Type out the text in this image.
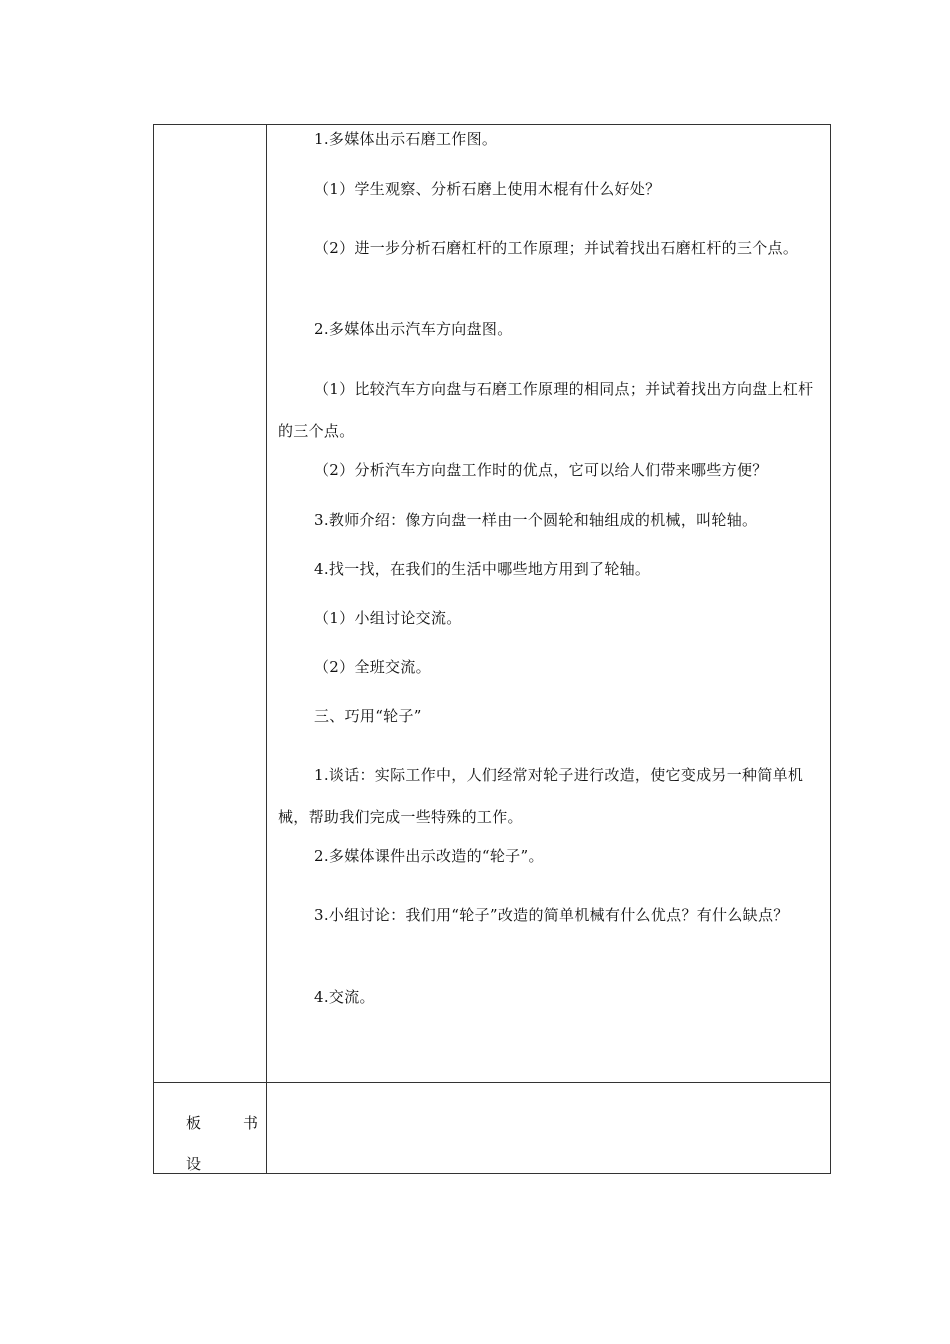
1.多媒体出示石磨工作图。

（1）学生观察、分析石磨上使用木棍有什么好处？

（2）进一步分析石磨杠杆的工作原理；并试着找出石磨杠杆的三个点。

2.多媒体出示汽车方向盘图。

（1）比较汽车方向盘与石磨工作原理的相同点；并试着找出方向盘上杠杆的三个点。

（2）分析汽车方向盘工作时的优点，它可以给人们带来哪些方便？

3.教师介绍：像方向盘一样由一个圆轮和轴组成的机械，叫轮轴。

4.找一找，在我们的生活中哪些地方用到了轮轴。

（1）小组讨论交流。

（2）全班交流。

三、巧用“轮子”

1.谈话：实际工作中，人们经常对轮子进行改造，使它变成另一种简单机械，帮助我们完成一些特殊的工作。

2.多媒体课件出示改造的“轮子”。

3.小组讨论：我们用“轮子”改造的简单机械有什么优点？有什么缺点？

4.交流。

板	书
设
